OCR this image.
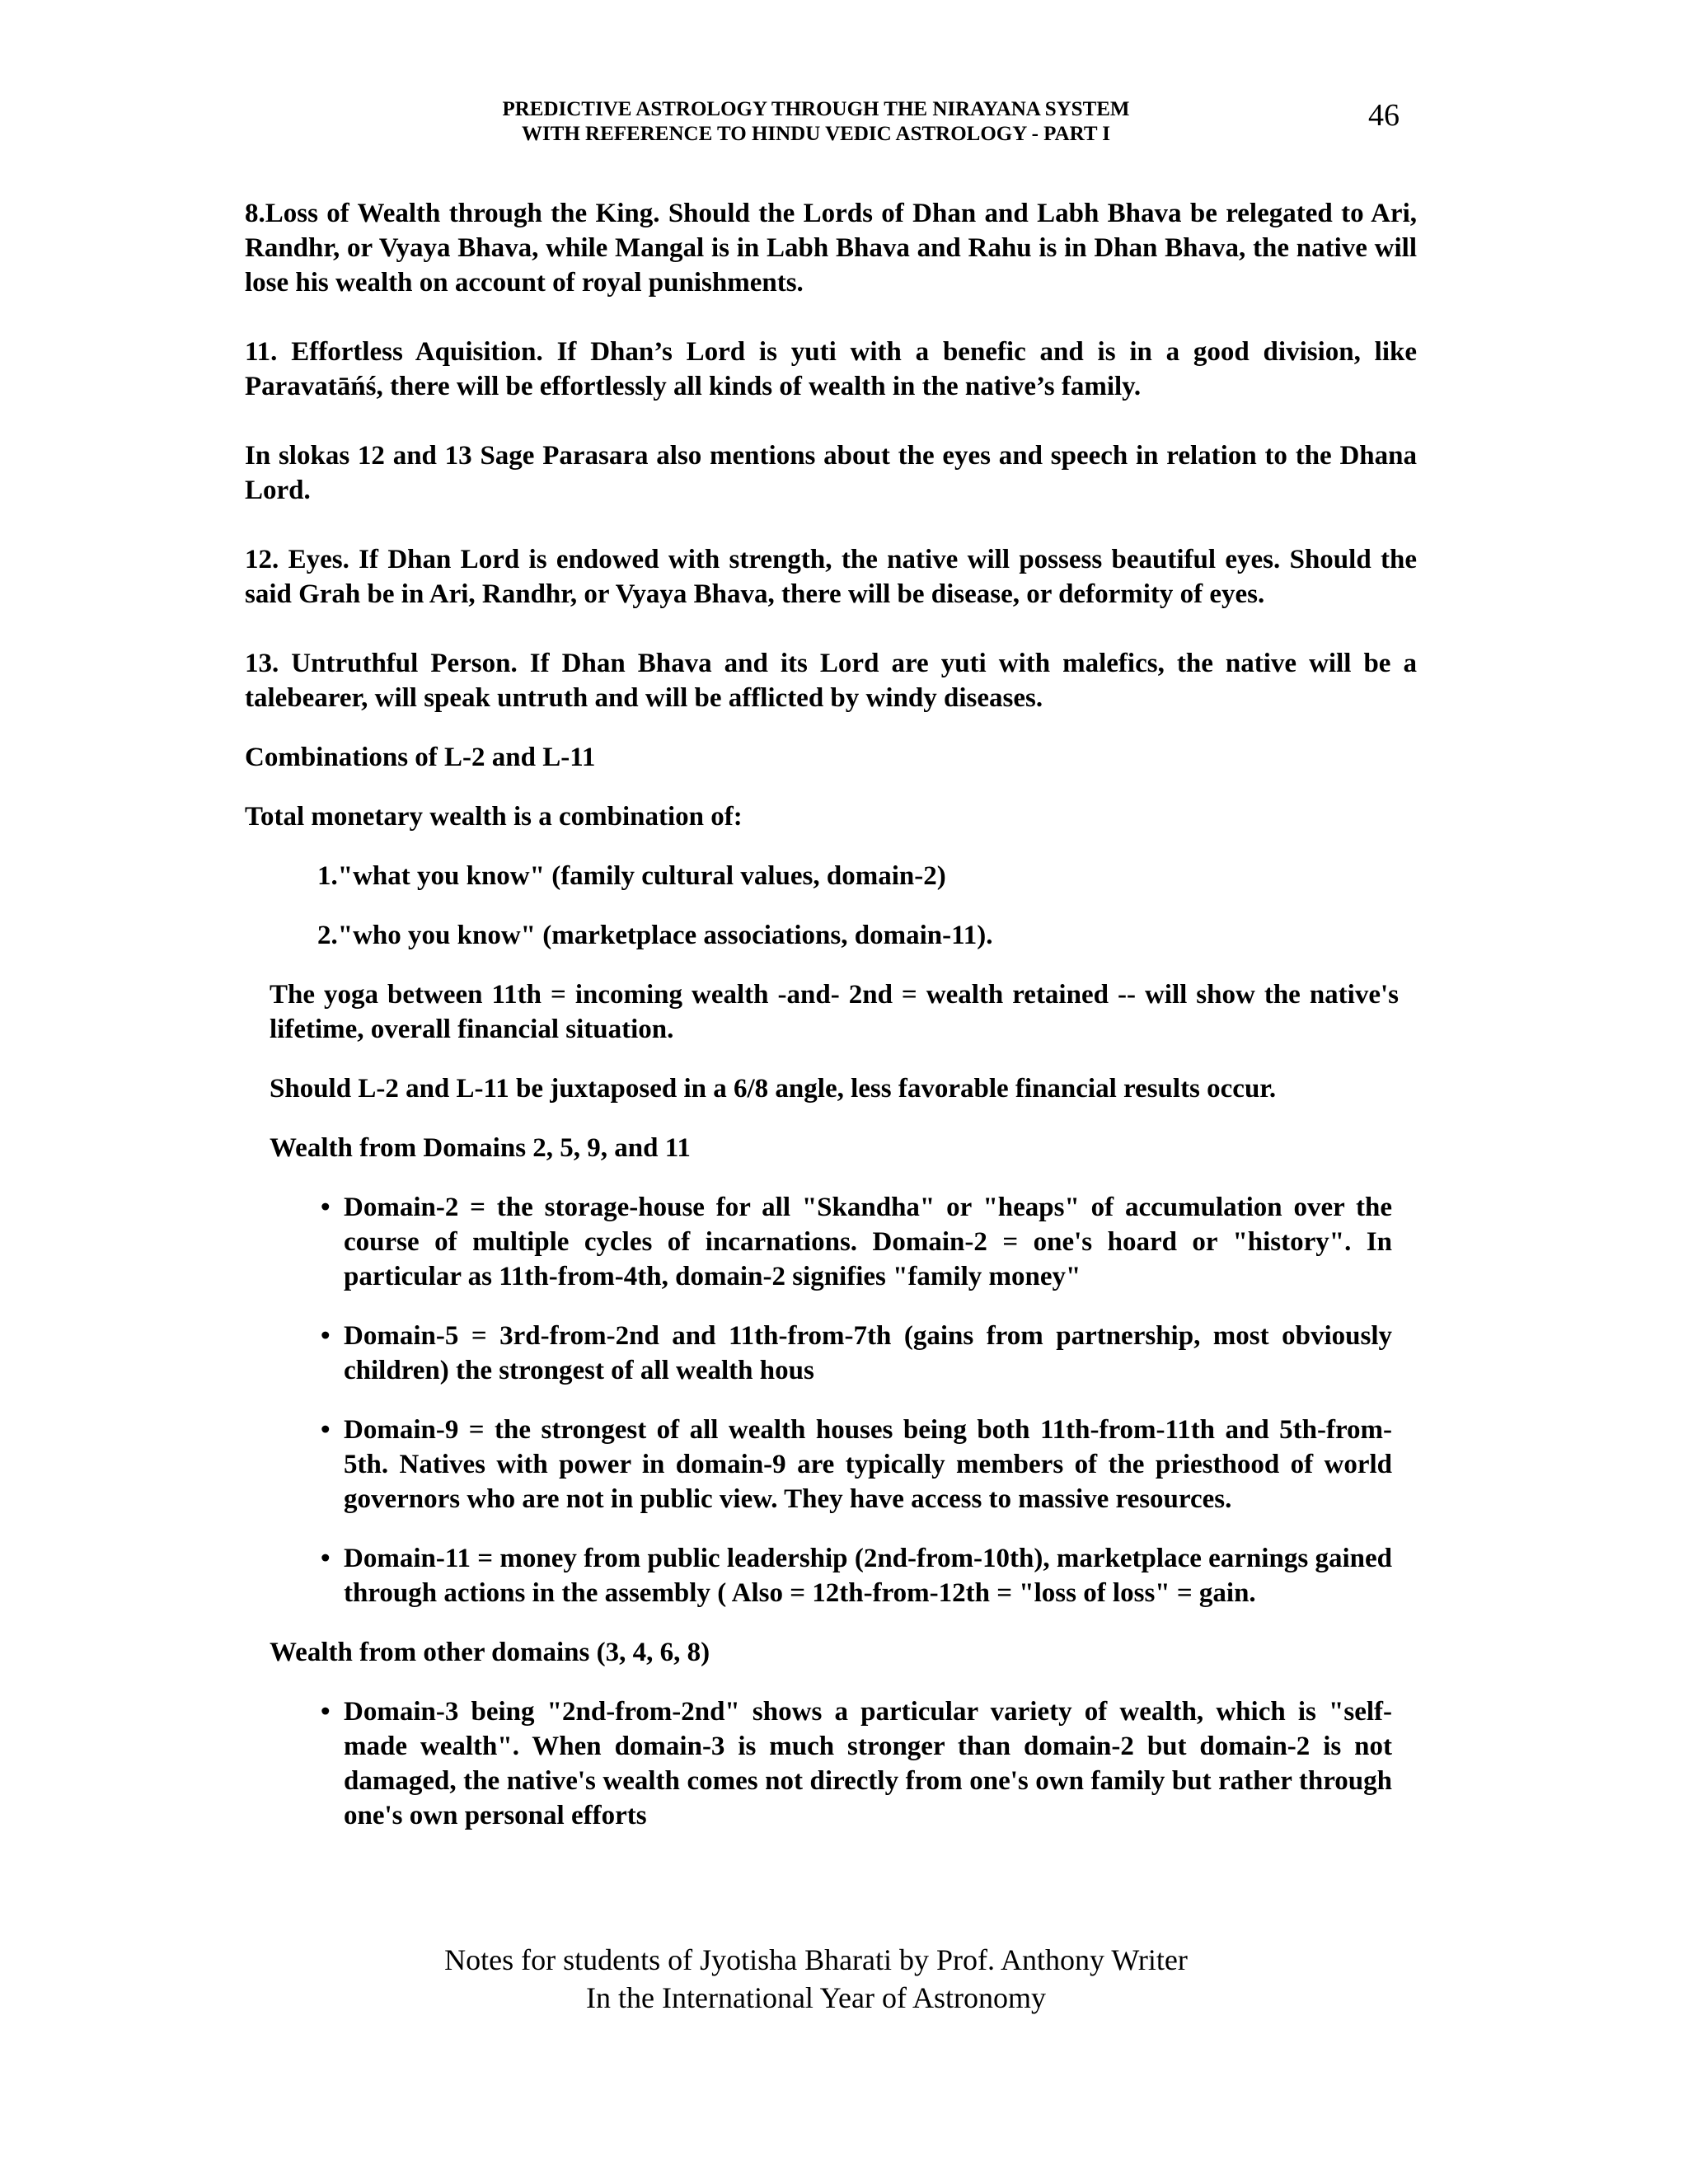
PREDICTIVE ASTROLOGY THROUGH THE NIRAYANA SYSTEM
WITH REFERENCE TO HINDU VEDIC ASTROLOGY - PART I
46

8.Loss of Wealth through the King. Should the Lords of Dhan and Labh Bhava be relegated to Ari, Randhr, or Vyaya Bhava, while Mangal is in Labh Bhava and Rahu is in Dhan Bhava, the native will lose his wealth on account of royal punishments.

11. Effortless Aquisition. If Dhan’s Lord is yuti with a benefic and is in a good division, like Paravatāńś, there will be effortlessly all kinds of wealth in the native’s family.

In slokas 12 and 13 Sage Parasara also mentions about the eyes and speech in relation to the Dhana Lord.

12. Eyes. If Dhan Lord is endowed with strength, the native will possess beautiful eyes. Should the said Grah be in Ari, Randhr, or Vyaya Bhava, there will be disease, or deformity of eyes.

13. Untruthful Person. If Dhan Bhava and its Lord are yuti with malefics, the native will be a talebearer, will speak untruth and will be afflicted by windy diseases.

Combinations of L-2 and L-11

Total monetary wealth is a combination of:

1."what you know" (family cultural values, domain-2)

2."who you know" (marketplace associations, domain-11).

The yoga between 11th = incoming wealth -and- 2nd = wealth retained -- will show the native's lifetime, overall financial situation.

Should L-2 and L-11 be juxtaposed in a 6/8 angle, less favorable financial results occur.

Wealth from Domains 2, 5, 9, and 11

• Domain-2 = the storage-house for all "Skandha" or "heaps" of accumulation over the course of multiple cycles of incarnations. Domain-2 = one's hoard or "history". In particular as 11th-from-4th, domain-2 signifies "family money"
• Domain-5 = 3rd-from-2nd and 11th-from-7th (gains from partnership, most obviously children) the strongest of all wealth hous
• Domain-9 = the strongest of all wealth houses being both 11th-from-11th and 5th-from-5th. Natives with power in domain-9 are typically members of the priesthood of world governors who are not in public view. They have access to massive resources.
• Domain-11 = money from public leadership (2nd-from-10th), marketplace earnings gained through actions in the assembly ( Also = 12th-from-12th = "loss of loss" = gain.

Wealth from other domains (3, 4, 6, 8)

• Domain-3 being "2nd-from-2nd" shows a particular variety of wealth, which is "self-made wealth". When domain-3 is much stronger than domain-2 but domain-2 is not damaged, the native's wealth comes not directly from one's own family but rather through one's own personal efforts
Notes for students of Jyotisha Bharati by Prof. Anthony Writer
In the International Year of Astronomy
